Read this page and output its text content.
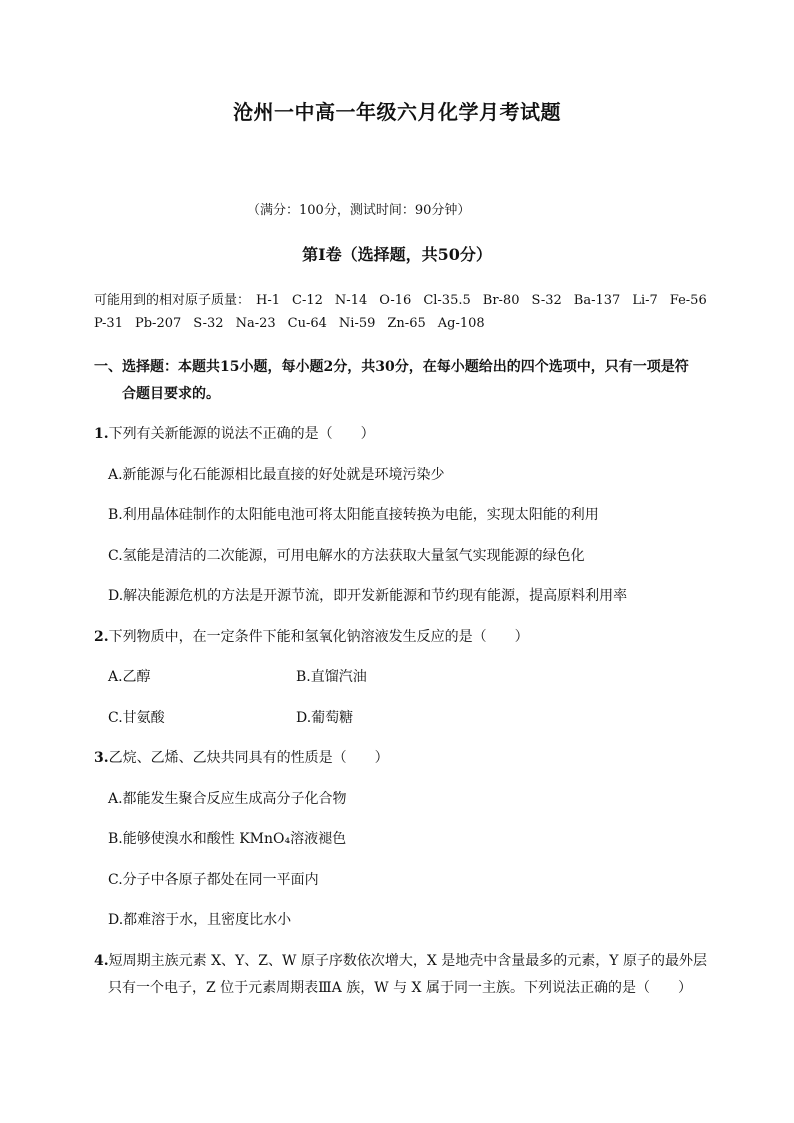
沧州一中高一年级六月化学月考试题
（满分：100分，测试时间：90分钟）
第Ⅰ卷（选择题，共50分）
可能用到的相对原子质量： H-1 C-12 N-14 O-16 Cl-35.5 Br-80 S-32 Ba-137 Li-7 Fe-56
P-31 Pb-207 S-32 Na-23 Cu-64 Ni-59 Zn-65 Ag-108
一、选择题：本题共15小题，每小题2分，共30分，在每小题给出的四个选项中，只有一项是符
合题目要求的。
1.下列有关新能源的说法不正确的是（　　）
A.新能源与化石能源相比最直接的好处就是环境污染少
B.利用晶体硅制作的太阳能电池可将太阳能直接转换为电能，实现太阳能的利用
C.氢能是清洁的二次能源，可用电解水的方法获取大量氢气实现能源的绿色化
D.解决能源危机的方法是开源节流，即开发新能源和节约现有能源，提高原料利用率
2.下列物质中，在一定条件下能和氢氧化钠溶液发生反应的是（　　）
A.乙醇	B.直馏汽油
C.甘氨酸	D.葡萄糖
3.乙烷、乙烯、乙炔共同具有的性质是（　　）
A.都能发生聚合反应生成高分子化合物
B.能够使溴水和酸性 KMnO₄溶液褪色
C.分子中各原子都处在同一平面内
D.都难溶于水，且密度比水小
4.短周期主族元素 X、Y、Z、W 原子序数依次增大，X 是地壳中含量最多的元素，Y 原子的最外层
只有一个电子，Z 位于元素周期表ⅢA 族，W 与 X 属于同一主族。下列说法正确的是（　　）
